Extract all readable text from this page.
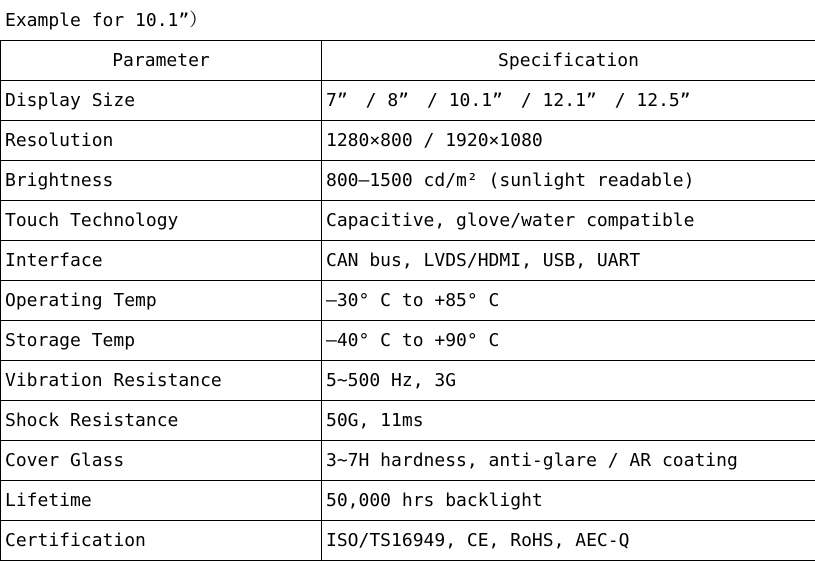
Example for 10.1”）	
Parameter	Specification
Display Size	7”　/ 8”　/ 10.1”　/ 12.1”　/ 12.5”
Resolution	1280×800 / 1920×1080
Brightness	800–1500 cd/m² (sunlight readable)
Touch Technology	Capacitive, glove/water compatible
Interface	CAN bus, LVDS/HDMI, USB, UART
Operating Temp	–30° C to +85° C
Storage Temp	–40° C to +90° C
Vibration Resistance	5~500 Hz, 3G
Shock Resistance	50G, 11ms
Cover Glass	3~7H hardness, anti-glare / AR coating
Lifetime	50,000 hrs backlight
Certification	ISO/TS16949, CE, RoHS, AEC-Q
